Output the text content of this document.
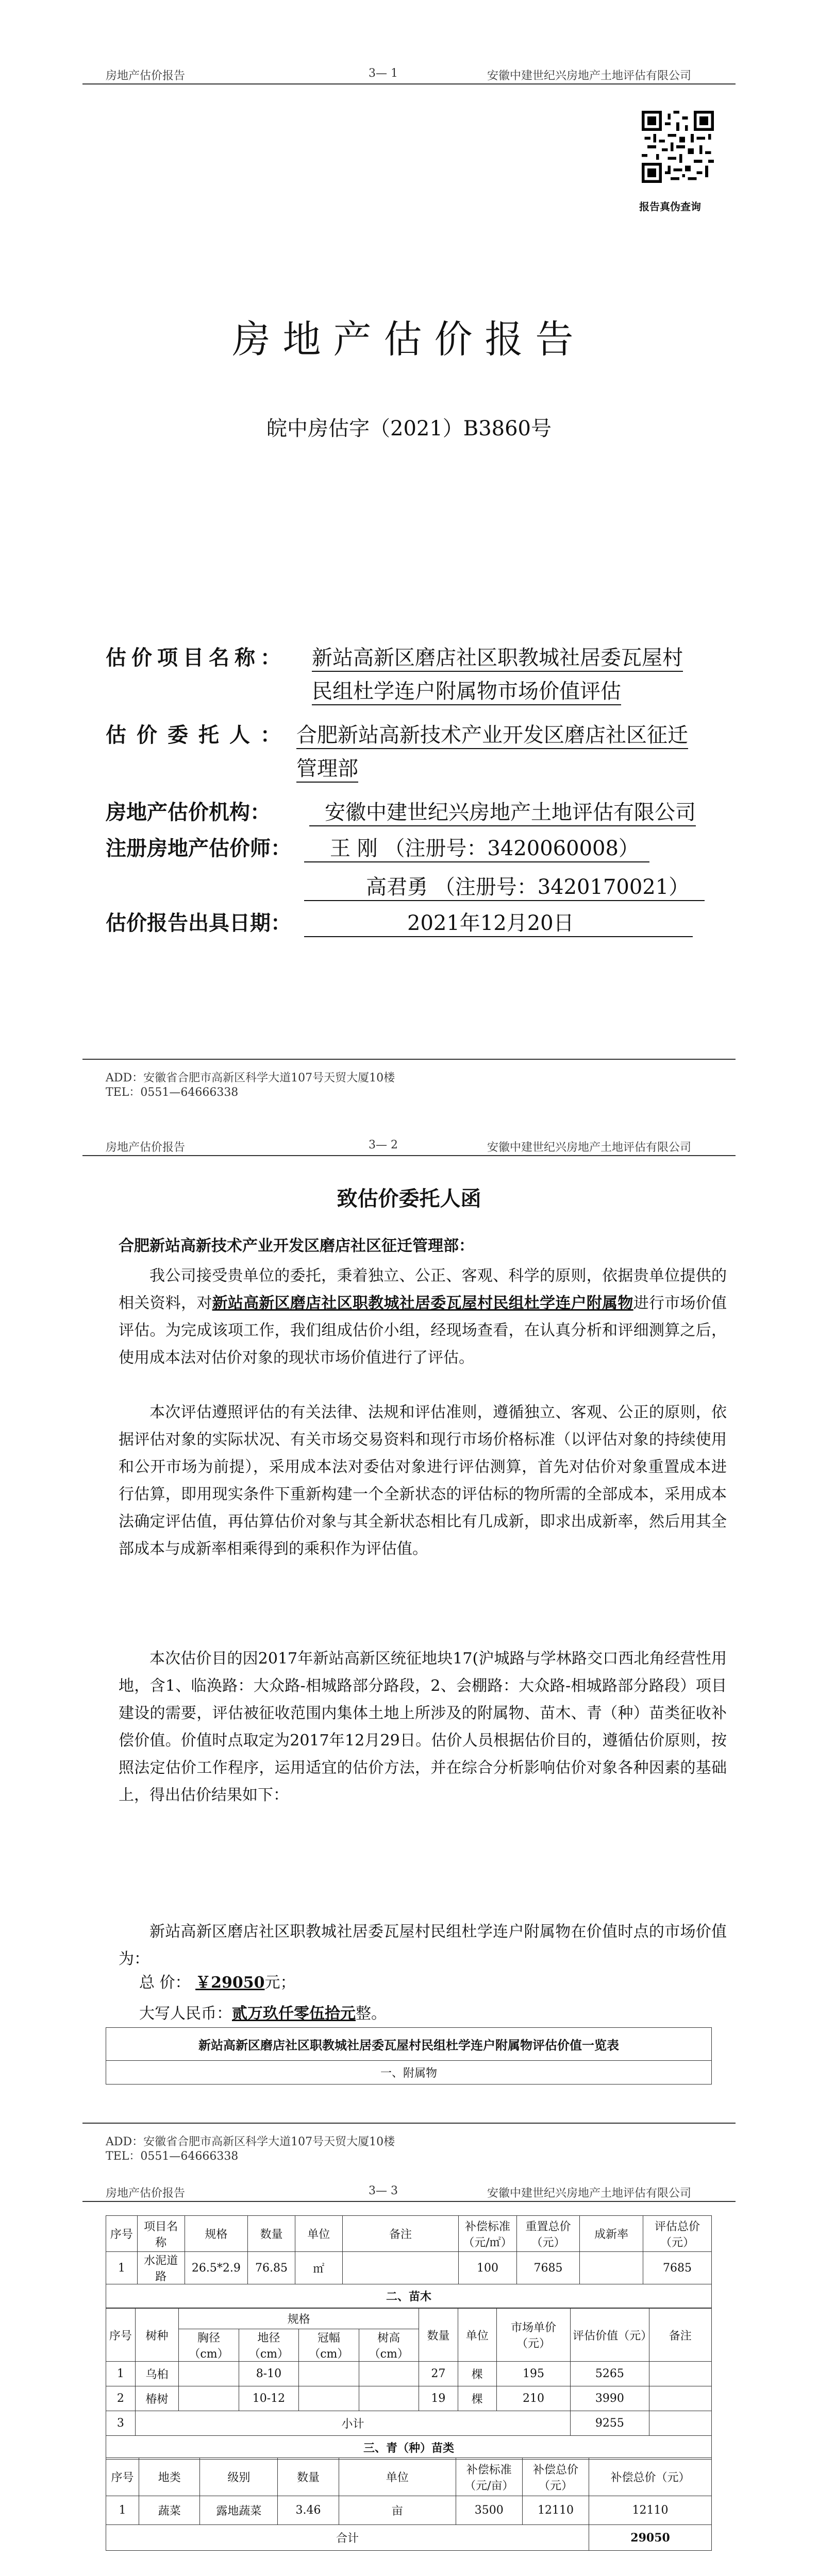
房地产估价报告	3— 1	安徽中建世纪兴房地产土地评估有限公司
报告真伪查询
房地产估价报告
皖中房估字（2021）B3860号
估价项目名称： 新站高新区磨店社区职教城社居委瓦屋村
民组杜学连户附属物市场价值评估
估价委托人： 合肥新站高新技术产业开发区磨店社区征迁
管理部
房地产估价机构：	安徽中建世纪兴房地产土地评估有限公司
注册房地产估价师：	王 刚 （注册号：3420060008）
高君勇 （注册号：3420170021）
估价报告出具日期：	2021年12月20日
ADD：安徽省合肥市高新区科学大道107号天贸大厦10楼
TEL：0551—64666338
房地产估价报告	3— 2	安徽中建世纪兴房地产土地评估有限公司
致估价委托人函
合肥新站高新技术产业开发区磨店社区征迁管理部：
我公司接受贵单位的委托，秉着独立、公正、客观、科学的原则，依据贵单位提供的相关资料，对新站高新区磨店社区职教城社居委瓦屋村民组杜学连户附属物进行市场价值评估。为完成该项工作，我们组成估价小组，经现场查看，在认真分析和评细测算之后，使用成本法对估价对象的现状市场价值进行了评估。
本次评估遵照评估的有关法律、法规和评估准则，遵循独立、客观、公正的原则，依据评估对象的实际状况、有关市场交易资料和现行市场价格标准（以评估对象的持续使用和公开市场为前提），采用成本法对委估对象进行评估测算，首先对估价对象重置成本进行估算，即用现实条件下重新构建一个全新状态的评估标的物所需的全部成本，采用成本法确定评估值，再估算估价对象与其全新状态相比有几成新，即求出成新率，然后用其全部成本与成新率相乘得到的乘积作为评估值。
本次估价目的因2017年新站高新区统征地块17(沪城路与学林路交口西北角经营性用地，含1、临涣路：大众路-相城路部分路段，2、会棚路：大众路-相城路部分路段）项目建设的需要，评估被征收范围内集体土地上所涉及的附属物、苗木、青（种）苗类征收补偿价值。价值时点取定为2017年12月29日。估价人员根据估价目的，遵循估价原则，按照法定估价工作程序，运用适宜的估价方法，并在综合分析影响估价对象各种因素的基础上，得出估价结果如下：
新站高新区磨店社区职教城社居委瓦屋村民组杜学连户附属物在价值时点的市场价值为：
总 价： ￥29050元；
大写人民币：贰万玖仟零伍拾元整。
新站高新区磨店社区职教城社居委瓦屋村民组杜学连户附属物评估价值一览表
一、附属物
ADD：安徽省合肥市高新区科学大道107号天贸大厦10楼
TEL：0551—64666338
房地产估价报告	3— 3	安徽中建世纪兴房地产土地评估有限公司
序号	项目名称	规格	数量	单位	备注	补偿标准（元/㎡）	重置总价（元）	成新率	评估总价（元）
1	水泥道路	26.5*2.9	76.85	㎡		100	7685		7685
二、苗木									
序号	树种	规格				数量	单位	市场单价（元）	评估价值（元）	备注
		胸径（cm）	地径（cm）	冠幅（cm）	树高（cm）					
1	乌桕		8-10			27	棵	195	5265	
2	椿树		10-12			19	棵	210	3990	
3	小计								9255	
三、青（种）苗类										
序号	地类	级别	数量	单位	补偿标准（元/亩）	补偿总价（元）	补偿总价（元）
1	蔬菜	露地蔬菜	3.46	亩	3500	12110	12110
合计							29050
